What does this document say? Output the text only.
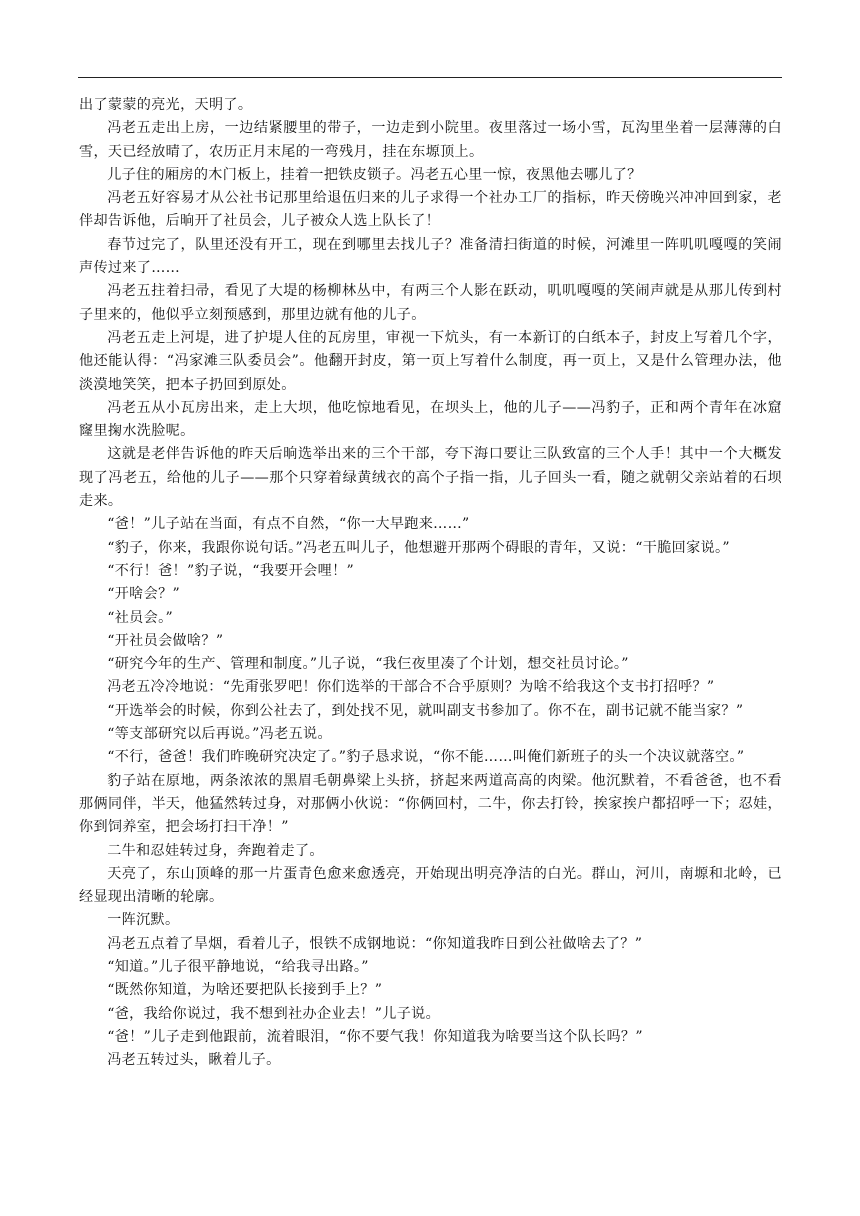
出了蒙蒙的亮光，天明了。

冯老五走出上房，一边结紧腰里的带子，一边走到小院里。夜里落过一场小雪，瓦沟里坐着一层薄薄的白雪，天已经放晴了，农历正月末尾的一弯残月，挂在东塬顶上。

儿子住的厢房的木门板上，挂着一把铁皮锁子。冯老五心里一惊，夜黑他去哪儿了？

冯老五好容易才从公社书记那里给退伍归来的儿子求得一个社办工厂的指标，昨天傍晚兴冲冲回到家，老伴却告诉他，后晌开了社员会，儿子被众人选上队长了！

春节过完了，队里还没有开工，现在到哪里去找儿子？准备清扫街道的时候，河滩里一阵叽叽嘎嘎的笑闹声传过来了……

冯老五拄着扫帚，看见了大堤的杨柳林丛中，有两三个人影在跃动，叽叽嘎嘎的笑闹声就是从那儿传到村子里来的，他似乎立刻预感到，那里边就有他的儿子。

冯老五走上河堤，进了护堤人住的瓦房里，审视一下炕头，有一本新订的白纸本子，封皮上写着几个字，他还能认得：“冯家滩三队委员会”。他翻开封皮，第一页上写着什么制度，再一页上，又是什么管理办法，他淡漠地笑笑，把本子扔回到原处。

冯老五从小瓦房出来，走上大坝，他吃惊地看见，在坝头上，他的儿子——冯豹子，正和两个青年在冰窟窿里掬水洗脸呢。

这就是老伴告诉他的昨天后晌选举出来的三个干部，夸下海口要让三队致富的三个人手！其中一个大概发现了冯老五，给他的儿子——那个只穿着绿黄绒衣的高个子指一指，儿子回头一看，随之就朝父亲站着的石坝走来。

“爸！”儿子站在当面，有点不自然，“你一大早跑来……”

“豹子，你来，我跟你说句话。”冯老五叫儿子，他想避开那两个碍眼的青年，又说：“干脆回家说。”

“不行！爸！”豹子说，“我要开会哩！”

“开啥会？”

“社员会。”

“开社员会做啥？”

“研究今年的生产、管理和制度。”儿子说，“我仨夜里凑了个计划，想交社员讨论。”

冯老五冷冷地说：“先甭张罗吧！你们选举的干部合不合乎原则？为啥不给我这个支书打招呼？”

“开选举会的时候，你到公社去了，到处找不见，就叫副支书参加了。你不在，副书记就不能当家？”

“等支部研究以后再说。”冯老五说。

“不行，爸爸！我们昨晚研究决定了。”豹子恳求说，“你不能……叫俺们新班子的头一个决议就落空。”

豹子站在原地，两条浓浓的黑眉毛朝鼻梁上头挤，挤起来两道高高的肉梁。他沉默着，不看爸爸，也不看那俩同伴，半天，他猛然转过身，对那俩小伙说：“你俩回村，二牛，你去打铃，挨家挨户都招呼一下；忍娃，你到饲养室，把会场打扫干净！”

二牛和忍娃转过身，奔跑着走了。

天亮了，东山顶峰的那一片蛋青色愈来愈透亮，开始现出明亮净洁的白光。群山，河川，南塬和北岭，已经显现出清晰的轮廓。

一阵沉默。

冯老五点着了旱烟，看着儿子，恨铁不成钢地说：“你知道我昨日到公社做啥去了？”

“知道。”儿子很平静地说，“给我寻出路。”

“既然你知道，为啥还要把队长接到手上？”

“爸，我给你说过，我不想到社办企业去！”儿子说。

“爸！”儿子走到他跟前，流着眼泪，“你不要气我！你知道我为啥要当这个队长吗？”

冯老五转过头，瞅着儿子。
